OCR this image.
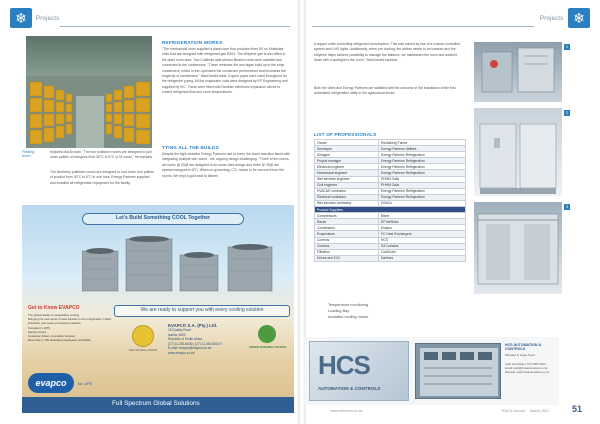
❄	Projects
Finding room
explains MacDonald. "The four pulldown rooms are designed to pull down pallets of mangoes from 30°C to 8°C in 24 hours," he explains.
The blueberry pulldown rooms are designed to cool down four pallets of product from 30°C to 6°C in one hour. Energy Partners supplied and installed all refrigeration equipment for the facility.
REFRIGERATION WORKS
"The mechanical room supplied a plant room that provides three 8V on Multiplate units that are designed with refrigerant gas R404. The ethylene gas is also fitted in the plant room area. Two Coldlinks side-stream filtration units were installed and connected to the condensers. "These minimise dirt and algae build up in the evap condensers, which in turn optimises the condenser performance and increases the longevity of condensers," MacDonald adds. Copper pipes were used throughout for the refrigerant piping. All the evaporator coils were designed by EP Engineering and supplied by KIC. These were fitted with Danfoss electronic expansion valves to control refrigerant flow and room temperatures.
TYING ALL THE BUILDS
Despite the tight deadline Energy Partners had to meet, the team was also faced with integrating multiple site rooms - the ongoing design challenging. "Three of the rooms, all rooms @ 25@ are designed to do some sites design and three @ 25@ are special mangoes to 8°C. When on-grounding, CO₂ needs to be removed from the rooms. We kept a gold seal to fathers
Let's Build Something COOL Together
We are ready to support you with every cooling solution
Get to Know EVAPCO
The global leader in evaporative cooling
Bringing the new world of heat transfer to the refrigeration, HVAC, industrial, and power processing markets
Founded in 1976
Family owned
Customer driven, innovation focused
More than 1,700 dedicated employees worldwide
THE NATURAL CHOICE
GREEN BUILDING COUNCIL
EVAPCO S.A. (Pty.) Ltd.
18 Quality Road
Isando 1600
Republic of South Africa
(27) 11-392-6630 | (27) 11-392-6615 F
E-mail: evapco@evapco.co.za
www.evapco.co.za
evapco	for LIFE
Full Spectrum Global Solutions
Projects ❄
a copper while controlling refrigerant consumption. This was solved by use of a custom-controlled system and LNG lights. Additionally, when pre-cooling, the airflow needs to be lowered and the ethylene helps achieve possibility to manage the balance, we maintained the room and added it down with a spotlight to the room," MacDonald explains.
Both the client and Energy Partners are satisfied with the outcome of the installation of the first automated refrigeration utility in the agricultural sector.
LIST OF PROFESSIONALS
Owner	Rocksberg Farms
Developer	Energy Partners Utilities
Designer	Energy Partners Refrigeration
Project manager	Energy Partners Refrigeration
Electrical engineer	Energy Partners Refrigeration
Mechanical engineer	Energy Partners Refrigeration
Wet services engineer	PHHM Galls
Civil engineer	PHHM Galls
HVAC&R contractor	Energy Partners Refrigeration
Electrical contractor	Energy Partners Refrigeration
Wet services contractor	DSACo
Product Suppliers	
Compressors	Bitzer
Racks	EP MeRoks
Condensers	Evapco
Evaporators	FC Heat Exchangers
Controls	HCS
Curtains	SA Curtains
Filtration	ColdCube
Drives and EVC	Danfoss
1
2
3
Temperature monitoring.
Loading Bay.
Insulated cooling rooms.
HCS
AUTOMATION & CONTROLS
HCS AUTOMATION & CONTROLS
Situated in Cape Town
Leah Hendrikse | 072 2006 3344
Email: leah@hcsautomation.co.za
Website: www.hcsautomation.co.za
www.refrimnet.co.za	RACA Journal March 2021	51
